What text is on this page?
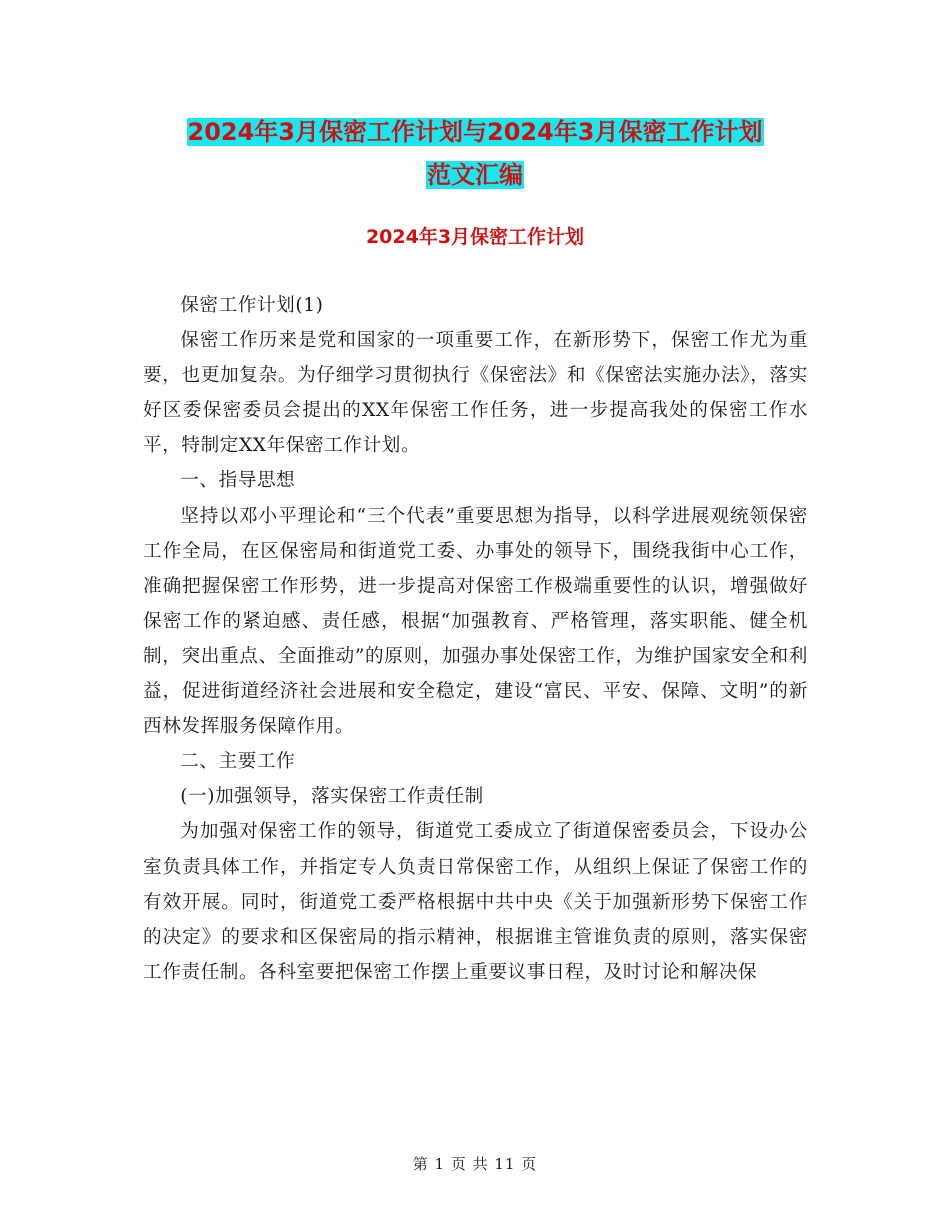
2024年3月保密工作计划与2024年3月保密工作计划
范文汇编
2024年3月保密工作计划

保密工作计划(1)

保密工作历来是党和国家的一项重要工作，在新形势下，保密工作尤为重要，也更加复杂。为仔细学习贯彻执行《保密法》和《保密法实施办法》，落实好区委保密委员会提出的XX年保密工作任务，进一步提高我处的保密工作水平，特制定XX年保密工作计划。

一、指导思想

坚持以邓小平理论和“三个代表”重要思想为指导，以科学进展观统领保密工作全局，在区保密局和街道党工委、办事处的领导下，围绕我街中心工作，准确把握保密工作形势，进一步提高对保密工作极端重要性的认识，增强做好保密工作的紧迫感、责任感，根据“加强教育、严格管理，落实职能、健全机制，突出重点、全面推动”的原则，加强办事处保密工作，为维护国家安全和利益，促进街道经济社会进展和安全稳定，建设“富民、平安、保障、文明”的新西林发挥服务保障作用。

二、主要工作

(一)加强领导，落实保密工作责任制

为加强对保密工作的领导，街道党工委成立了街道保密委员会，下设办公室负责具体工作，并指定专人负责日常保密工作，从组织上保证了保密工作的有效开展。同时，街道党工委严格根据中共中央《关于加强新形势下保密工作的决定》的要求和区保密局的指示精神，根据谁主管谁负责的原则，落实保密工作责任制。各科室要把保密工作摆上重要议事日程，及时讨论和解决保

第 1 页 共 11 页
